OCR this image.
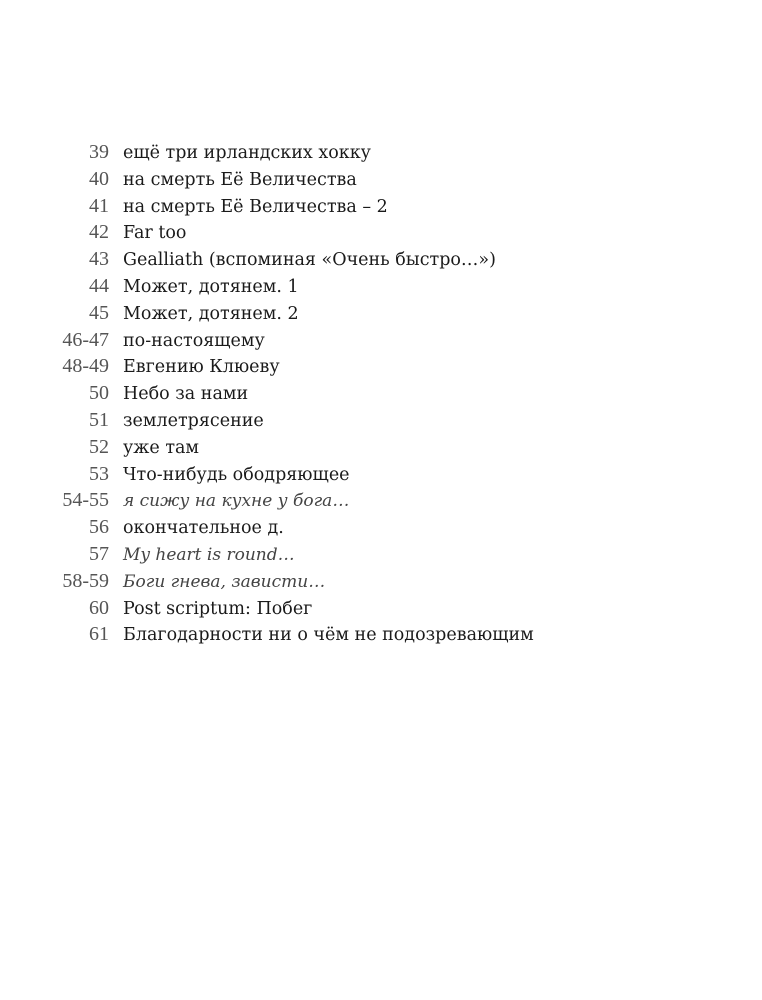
39 ещё три ирландских хокку
40 на смерть Её Величества
41 на смерть Её Величества – 2
42 Far too
43 Gealliath (вспоминая «Очень быстро…»)
44 Может, дотянем. 1
45 Может, дотянем. 2
46-47 по-настоящему
48-49 Евгению Клюеву
50 Небо за нами
51 землетрясение
52 уже там
53 Что-нибудь ободряющее
54-55 я сижу на кухне у бога…
56 окончательное д.
57 My heart is round…
58-59 Боги гнева, зависти…
60 Post scriptum: Побег
61 Благодарности ни о чём не подозревающим
